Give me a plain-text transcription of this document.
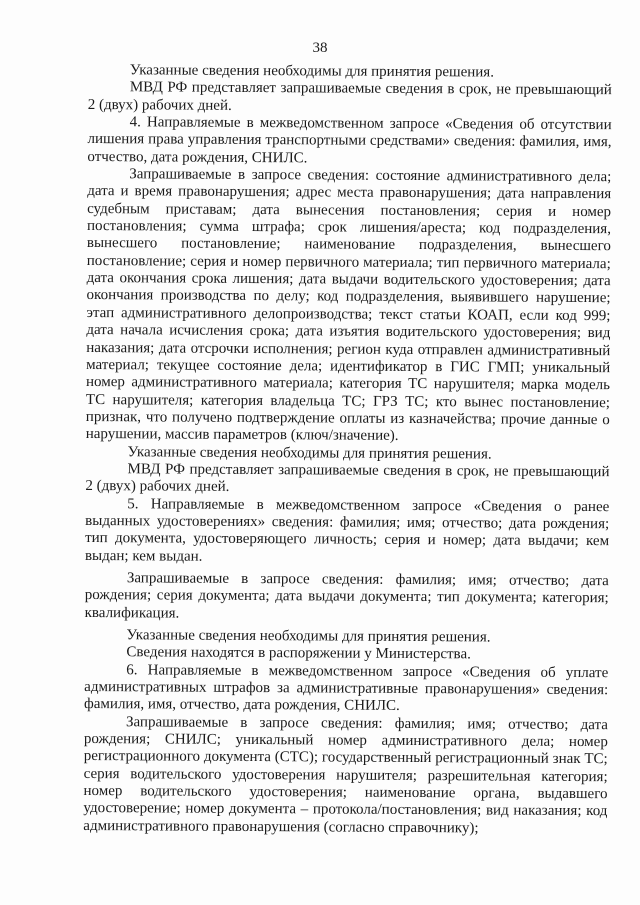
38

Указанные сведения необходимы для принятия решения.

МВД РФ представляет запрашиваемые сведения в срок, не превышающий 2 (двух) рабочих дней.

4. Направляемые в межведомственном запросе «Сведения об отсутствии лишения права управления транспортными средствами» сведения: фамилия, имя, отчество, дата рождения, СНИЛС.

Запрашиваемые в запросе сведения: состояние административного дела; дата и время правонарушения; адрес места правонарушения; дата направления судебным приставам; дата вынесения постановления; серия и номер постановления; сумма штрафа; срок лишения/ареста; код подразделения, вынесшего постановление; наименование подразделения, вынесшего постановление; серия и номер первичного материала; тип первичного материала; дата окончания срока лишения; дата выдачи водительского удостоверения; дата окончания производства по делу; код подразделения, выявившего нарушение; этап административного делопроизводства; текст статьи КОАП, если код 999; дата начала исчисления срока; дата изъятия водительского удостоверения; вид наказания; дата отсрочки исполнения; регион куда отправлен административный материал; текущее состояние дела; идентификатор в ГИС ГМП; уникальный номер административного материала; категория ТС нарушителя; марка модель ТС нарушителя; категория владельца ТС; ГРЗ ТС; кто вынес постановление; признак, что получено подтверждение оплаты из казначейства; прочие данные о нарушении, массив параметров (ключ/значение).

Указанные сведения необходимы для принятия решения.

МВД РФ представляет запрашиваемые сведения в срок, не превышающий 2 (двух) рабочих дней.

5. Направляемые в межведомственном запросе «Сведения о ранее выданных удостоверениях» сведения: фамилия; имя; отчество; дата рождения; тип документа, удостоверяющего личность; серия и номер; дата выдачи; кем выдан; кем выдан.

Запрашиваемые в запросе сведения: фамилия; имя; отчество; дата рождения; серия документа; дата выдачи документа; тип документа; категория; квалификация.

Указанные сведения необходимы для принятия решения.

Сведения находятся в распоряжении у Министерства.

6. Направляемые в межведомственном запросе «Сведения об уплате административных штрафов за административные правонарушения» сведения: фамилия, имя, отчество, дата рождения, СНИЛС.

Запрашиваемые в запросе сведения: фамилия; имя; отчество; дата рождения; СНИЛС; уникальный номер административного дела; номер регистрационного документа (СТС); государственный регистрационный знак ТС; серия водительского удостоверения нарушителя; разрешительная категория; номер водительского удостоверения; наименование органа, выдавшего удостоверение; номер документа – протокола/постановления; вид наказания; код административного правонарушения (согласно справочнику);
